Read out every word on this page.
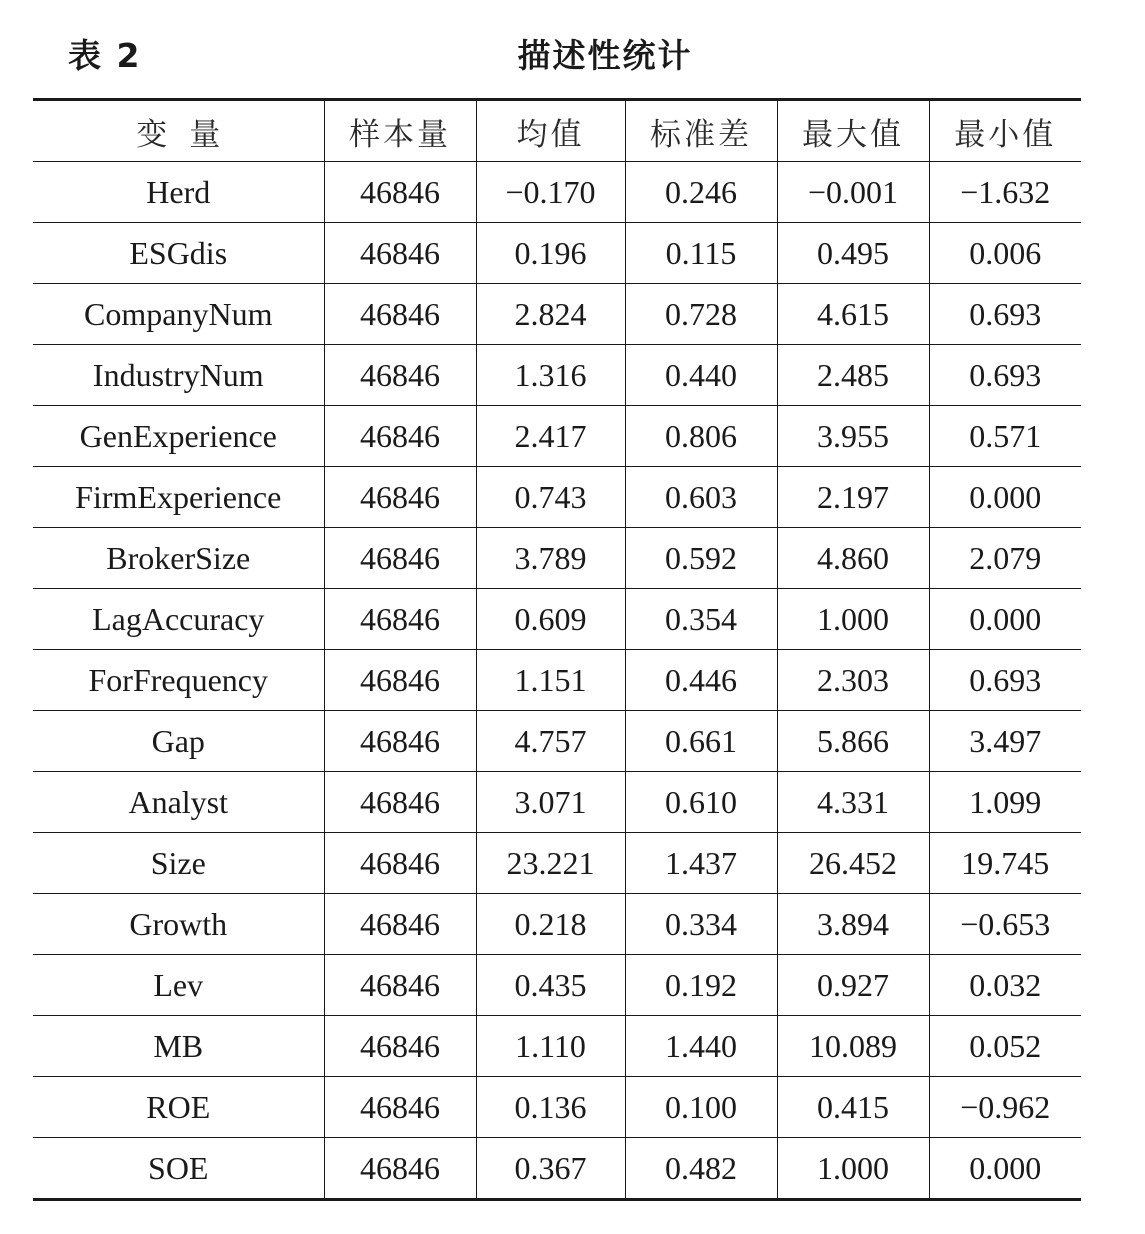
表 2	描述性统计
变量	样本量	均值	标准差	最大值	最小值
Herd	46846	−0.170	0.246	−0.001	−1.632
ESGdis	46846	0.196	0.115	0.495	0.006
CompanyNum	46846	2.824	0.728	4.615	0.693
IndustryNum	46846	1.316	0.440	2.485	0.693
GenExperience	46846	2.417	0.806	3.955	0.571
FirmExperience	46846	0.743	0.603	2.197	0.000
BrokerSize	46846	3.789	0.592	4.860	2.079
LagAccuracy	46846	0.609	0.354	1.000	0.000
ForFrequency	46846	1.151	0.446	2.303	0.693
Gap	46846	4.757	0.661	5.866	3.497
Analyst	46846	3.071	0.610	4.331	1.099
Size	46846	23.221	1.437	26.452	19.745
Growth	46846	0.218	0.334	3.894	−0.653
Lev	46846	0.435	0.192	0.927	0.032
MB	46846	1.110	1.440	10.089	0.052
ROE	46846	0.136	0.100	0.415	−0.962
SOE	46846	0.367	0.482	1.000	0.000
